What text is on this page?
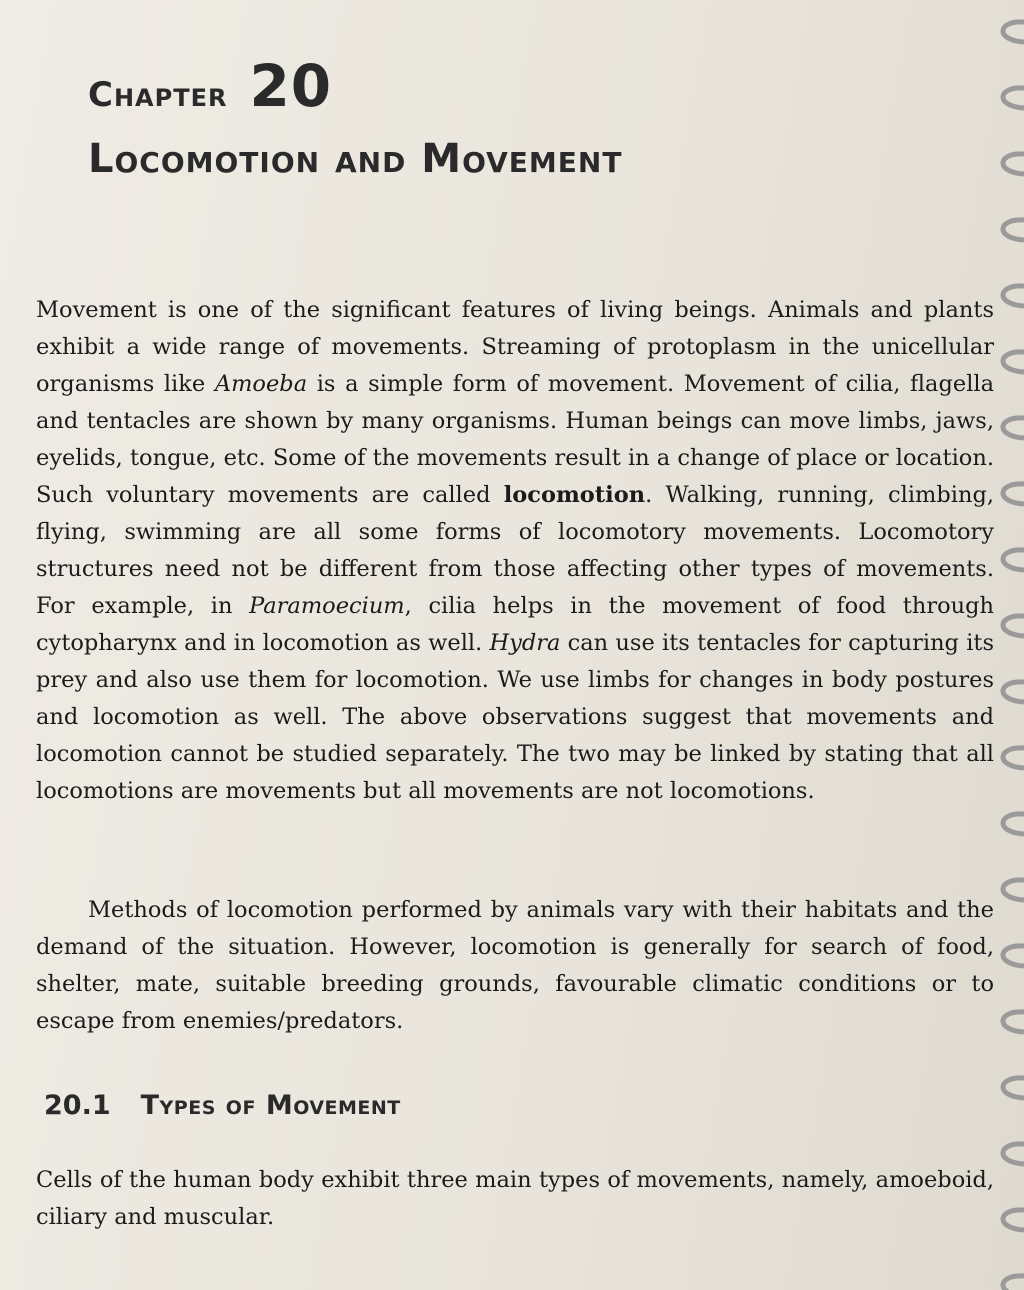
Chapter 20
Locomotion and Movement

Movement is one of the significant features of living beings. Animals and plants exhibit a wide range of movements. Streaming of protoplasm in the unicellular organisms like Amoeba is a simple form of movement. Movement of cilia, flagella and tentacles are shown by many organisms. Human beings can move limbs, jaws, eyelids, tongue, etc. Some of the movements result in a change of place or location. Such voluntary movements are called locomotion. Walking, running, climbing, flying, swimming are all some forms of locomotory movements. Locomotory structures need not be different from those affecting other types of movements. For example, in Paramoecium, cilia helps in the movement of food through cytopharynx and in locomotion as well. Hydra can use its tentacles for capturing its prey and also use them for locomotion. We use limbs for changes in body postures and locomotion as well. The above observations suggest that movements and locomotion cannot be studied separately. The two may be linked by stating that all locomotions are movements but all movements are not locomotions.

Methods of locomotion performed by animals vary with their habitats and the demand of the situation. However, locomotion is generally for search of food, shelter, mate, suitable breeding grounds, favourable climatic conditions or to escape from enemies/predators.

20.1 Types of Movement

Cells of the human body exhibit three main types of movements, namely, amoeboid, ciliary and muscular.
